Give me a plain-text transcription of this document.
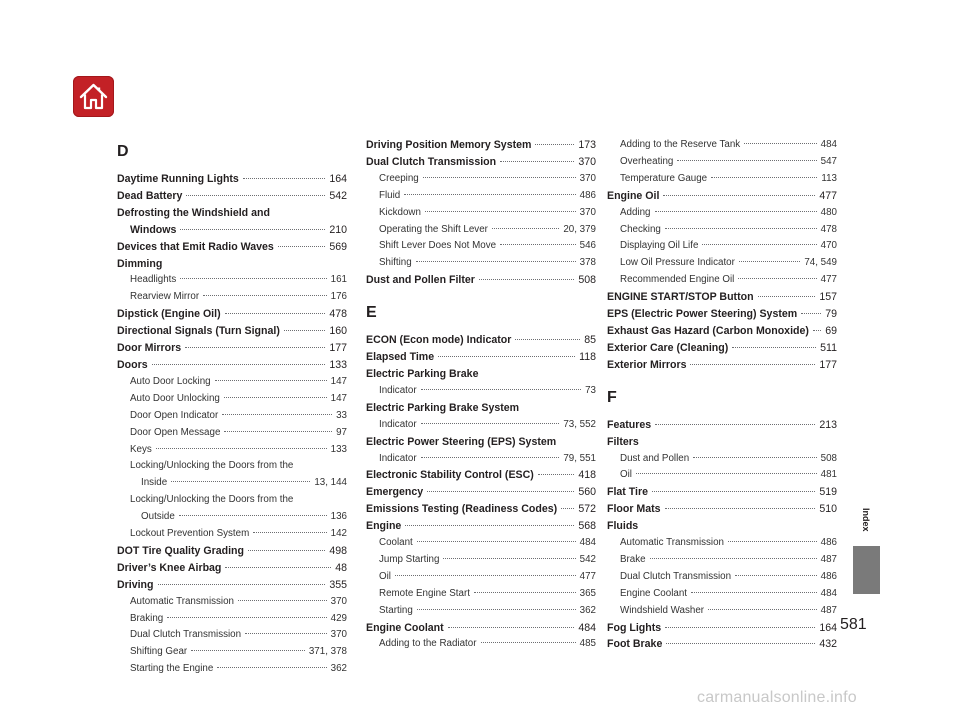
D
Daytime Running Lights	164
Dead Battery	542
Defrosting the Windshield and
Windows	210
Devices that Emit Radio Waves	569
Dimming
Headlights	161
Rearview Mirror	176
Dipstick (Engine Oil)	478
Directional Signals (Turn Signal)	160
Door Mirrors	177
Doors	133
Auto Door Locking	147
Auto Door Unlocking	147
Door Open Indicator	33
Door Open Message	97
Keys	133
Locking/Unlocking the Doors from the
Inside	13, 144
Locking/Unlocking the Doors from the
Outside	136
Lockout Prevention System	142
DOT Tire Quality Grading	498
Driver’s Knee Airbag	48
Driving	355
Automatic Transmission	370
Braking	429
Dual Clutch Transmission	370
Shifting Gear	371, 378
Starting the Engine	362
Driving Position Memory System	173
Dual Clutch Transmission	370
Creeping	370
Fluid	486
Kickdown	370
Operating the Shift Lever	20, 379
Shift Lever Does Not Move	546
Shifting	378
Dust and Pollen Filter	508
E
ECON (Econ mode) Indicator	85
Elapsed Time	118
Electric Parking Brake
Indicator	73
Electric Parking Brake System
Indicator	73, 552
Electric Power Steering (EPS) System
Indicator	79, 551
Electronic Stability Control (ESC)	418
Emergency	560
Emissions Testing (Readiness Codes) 572
Engine	568
Coolant	484
Jump Starting	542
Oil	477
Remote Engine Start	365
Starting	362
Engine Coolant	484
Adding to the Radiator	485
Adding to the Reserve Tank	484
Overheating	547
Temperature Gauge	113
Engine Oil	477
Adding	480
Checking	478
Displaying Oil Life	470
Low Oil Pressure Indicator	74, 549
Recommended Engine Oil	477
ENGINE START/STOP Button	157
EPS (Electric Power Steering) System	79
Exhaust Gas Hazard (Carbon Monoxide) 69
Exterior Care (Cleaning)	511
Exterior Mirrors	177
F
Features	213
Filters
Dust and Pollen	508
Oil	481
Flat Tire	519
Floor Mats	510
Fluids
Automatic Transmission	486
Brake	487
Dual Clutch Transmission	486
Engine Coolant	484
Windshield Washer	487
Fog Lights	164
Foot Brake	432
Index
581
carmanualsonline.info
